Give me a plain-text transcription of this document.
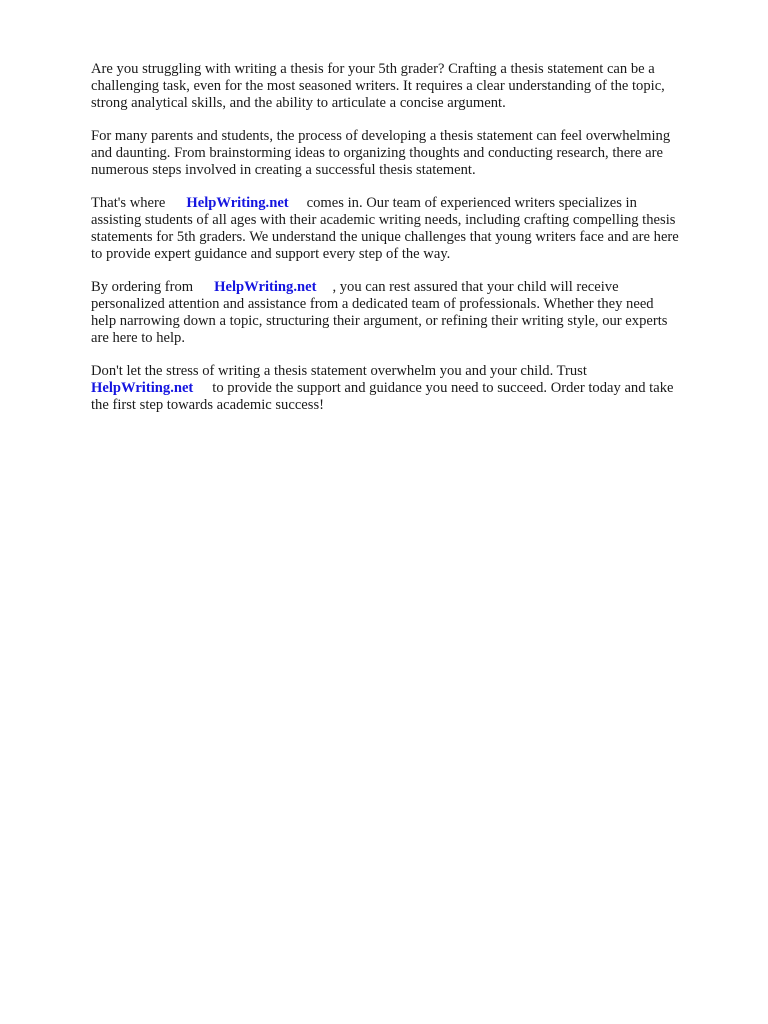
Are you struggling with writing a thesis for your 5th grader? Crafting a thesis statement can be a
challenging task, even for the most seasoned writers. It requires a clear understanding of the topic,
strong analytical skills, and the ability to articulate a concise argument.

For many parents and students, the process of developing a thesis statement can feel overwhelming
and daunting. From brainstorming ideas to organizing thoughts and conducting research, there are
numerous steps involved in creating a successful thesis statement.

That's where HelpWriting.net comes in. Our team of experienced writers specializes in
assisting students of all ages with their academic writing needs, including crafting compelling thesis
statements for 5th graders. We understand the unique challenges that young writers face and are here
to provide expert guidance and support every step of the way.

By ordering from HelpWriting.net , you can rest assured that your child will receive
personalized attention and assistance from a dedicated team of professionals. Whether they need
help narrowing down a topic, structuring their argument, or refining their writing style, our experts
are here to help.

Don't let the stress of writing a thesis statement overwhelm you and your child. Trust
HelpWriting.net to provide the support and guidance you need to succeed. Order today and take
the first step towards academic success!
